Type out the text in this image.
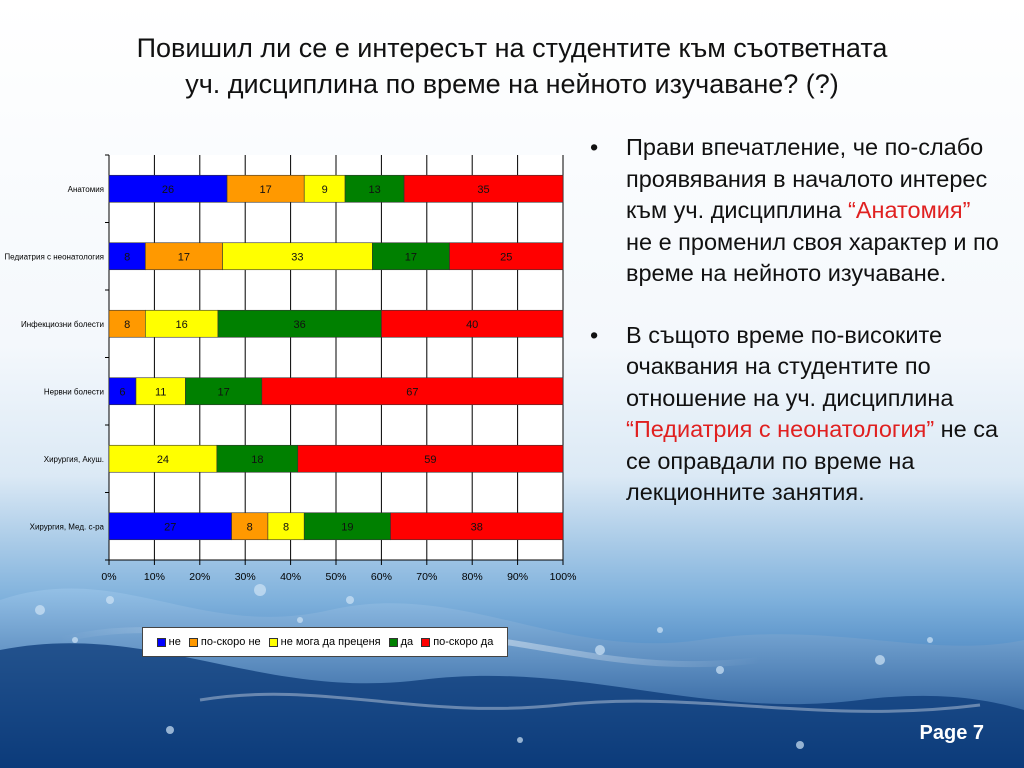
Повишил ли се е интересът на студентите към съответната
уч. дисциплина по време на нейното изучаване? (?)
0%	10% 20% 30% 40% 50% 60% 70% 80% 90% 100%
Анатомия	26	17	9	13	35
Педиатрия с неонатология 8	17	33	17	25
Инфекциозни болести 8	16	36	40
Нервни болести 6	11	17	67
Хирургия, Акуш.	24	18	59
Хирургия, Мед. с-ра	27	8	8	19	38
не по-скоро не не мога да преценя да по-скоро да
•	Прави впечатление, че по-слабо проявявания в началото интерес към уч. дисциплина “Анатомия” не е променил своя характер и по време на нейното изучаване.
•	В същото време по-високите очаквания на студентите по отношение на уч. дисциплина “Педиатрия с неонатология” не са се оправдали по време на лекционните занятия.
Page 7
